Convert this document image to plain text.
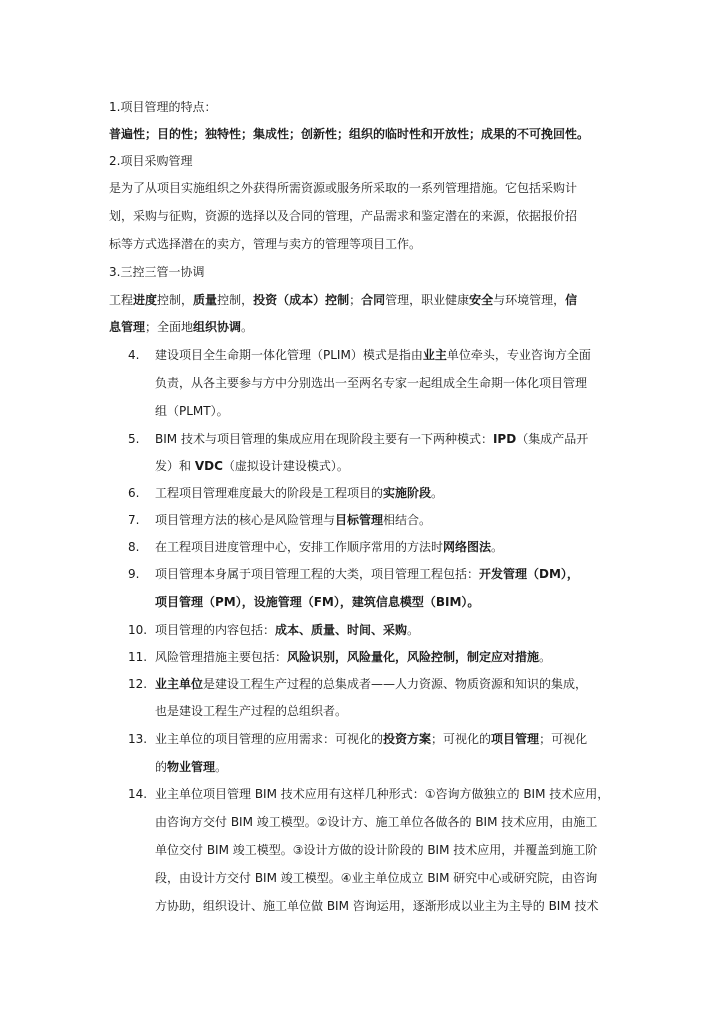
1.项目管理的特点：
普遍性；目的性；独特性；集成性；创新性；组织的临时性和开放性；成果的不可挽回性。
2.项目采购管理
是为了从项目实施组织之外获得所需资源或服务所采取的一系列管理措施。它包括采购计
划，采购与征购，资源的选择以及合同的管理，产品需求和鉴定潜在的来源，依据报价招
标等方式选择潜在的卖方，管理与卖方的管理等项目工作。
3.三控三管一协调
工程进度控制，质量控制，投资（成本）控制；合同管理，职业健康安全与环境管理，信
息管理；全面地组织协调。
4.	建设项目全生命期一体化管理（PLIM）模式是指由业主单位牵头，专业咨询方全面
负责，从各主要参与方中分别选出一至两名专家一起组成全生命期一体化项目管理
组（PLMT）。
5.	BIM 技术与项目管理的集成应用在现阶段主要有一下两种模式：IPD（集成产品开
发）和 VDC（虚拟设计建设模式）。
6.	工程项目管理难度最大的阶段是工程项目的实施阶段。
7.	项目管理方法的核心是风险管理与目标管理相结合。
8.	在工程项目进度管理中心，安排工作顺序常用的方法时网络图法。
9.	项目管理本身属于项目管理工程的大类，项目管理工程包括：开发管理（DM），
项目管理（PM），设施管理（FM），建筑信息模型（BIM）。
10. 项目管理的内容包括：成本、质量、时间、采购。
11. 风险管理措施主要包括：风险识别，风险量化，风险控制，制定应对措施。
12. 业主单位是建设工程生产过程的总集成者——人力资源、物质资源和知识的集成，
也是建设工程生产过程的总组织者。
13. 业主单位的项目管理的应用需求：可视化的投资方案；可视化的项目管理；可视化
的物业管理。
14. 业主单位项目管理 BIM 技术应用有这样几种形式：①咨询方做独立的 BIM 技术应用，
由咨询方交付 BIM 竣工模型。②设计方、施工单位各做各的 BIM 技术应用，由施工
单位交付 BIM 竣工模型。③设计方做的设计阶段的 BIM 技术应用，并覆盖到施工阶
段，由设计方交付 BIM 竣工模型。④业主单位成立 BIM 研究中心或研究院，由咨询
方协助，组织设计、施工单位做 BIM 咨询运用，逐渐形成以业主为主导的 BIM 技术
